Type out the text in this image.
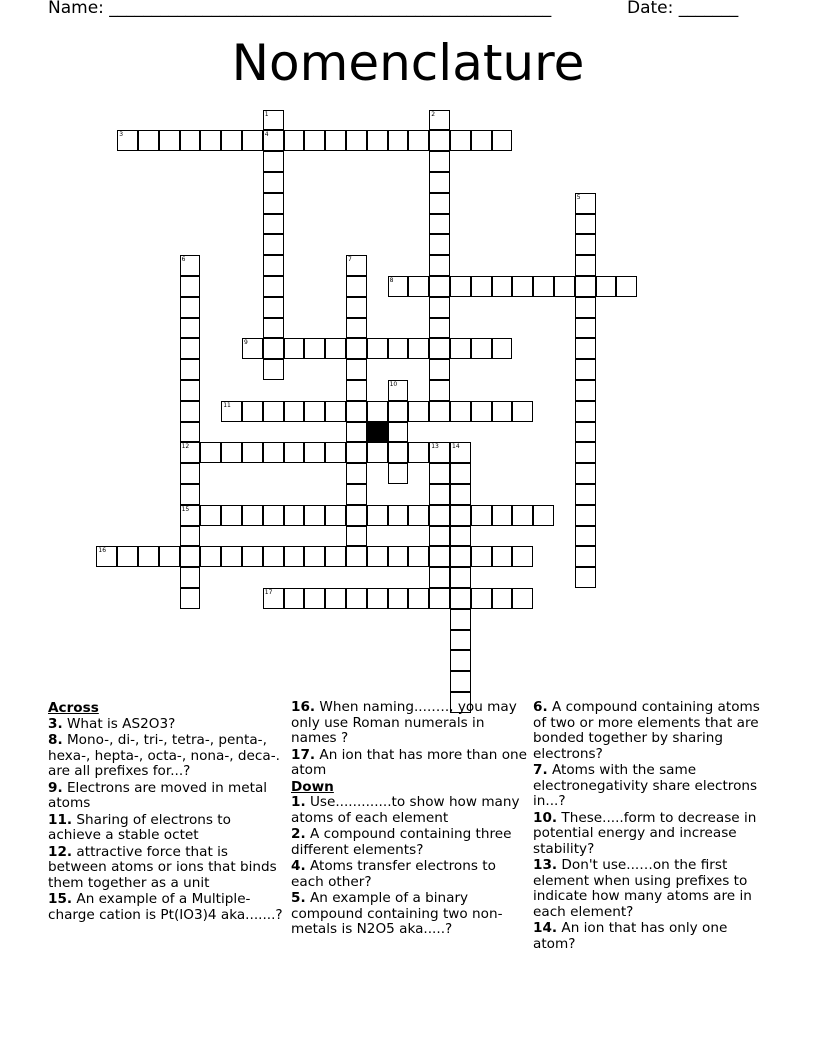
Name: ____________________________________________________	Date: _______
Nomenclature
1
4
2
3
5
6
12
15
7
8
9
10
11
13 14
16
17
Across
3. What is AS2O3?
8. Mono-, di-, tri-, tetra-, penta-, hexa-, hepta-, octa-, nona-, deca-. are all prefixes for...?
9. Electrons are moved in metal atoms
11. Sharing of electrons to achieve a stable octet
12. attractive force that is between atoms or ions that binds them together as a unit
15. An example of a Multiple-charge cation is Pt(IO3)4 aka.......?
16. When naming....…., you may only use Roman numerals in names ?
17. An ion that has more than one atom
Down
1. Use.............to show how many atoms of each element
2. A compound containing three different elements?
4. Atoms transfer electrons to each other?
5. An example of a binary compound containing two non-metals is N2O5 aka.....?
6. A compound containing atoms of two or more elements that are bonded together by sharing electrons?
7. Atoms with the same electronegativity share electrons in...?
10. These.....form to decrease in potential energy and increase stability?
13. Don't use...…on the first element when using prefixes to indicate how many atoms are in each element?
14. An ion that has only one atom?
